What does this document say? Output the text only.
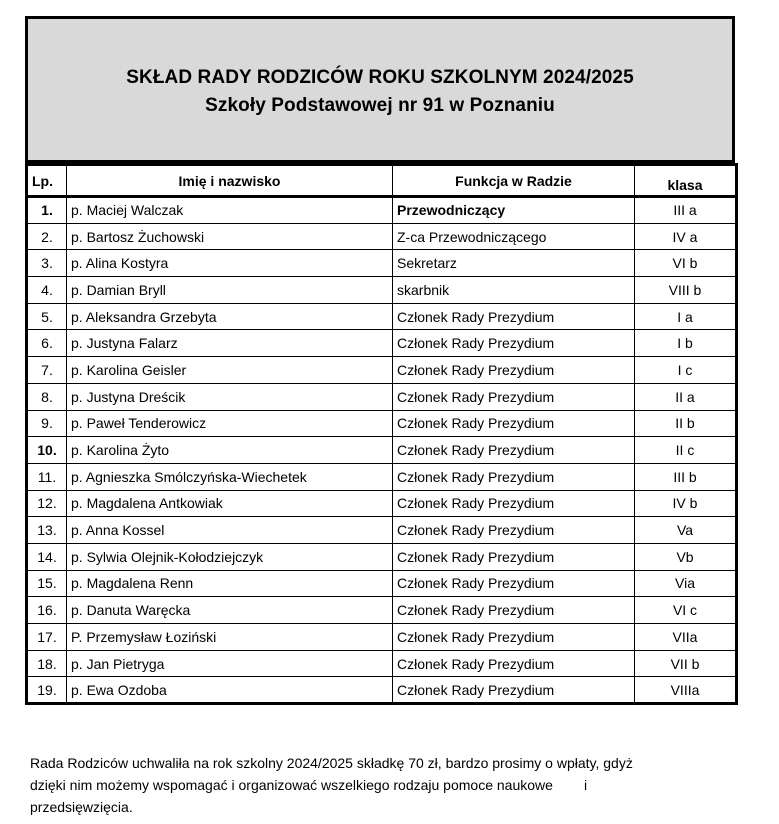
SKŁAD RADY RODZICÓW ROKU SZKOLNYM 2024/2025
Szkoły Podstawowej nr 91 w Poznaniu
Lp.	Imię i nazwisko	Funkcja w Radzie	klasa
1.	p. Maciej Walczak	Przewodniczący	III a
2.	p. Bartosz Żuchowski	Z-ca Przewodniczącego	IV a
3.	p. Alina Kostyra	Sekretarz	VI b
4.	p. Damian Bryll	skarbnik	VIII b
5.	p. Aleksandra Grzebyta	Członek Rady Prezydium	I a
6.	p. Justyna Falarz	Członek Rady Prezydium	I b
7.	p. Karolina Geisler	Członek Rady Prezydium	I c
8.	p. Justyna Dreścik	Członek Rady Prezydium	II a
9.	p. Paweł Tenderowicz	Członek Rady Prezydium	II b
10.	p. Karolina Żyto	Członek Rady Prezydium	II c
11.	p. Agnieszka Smólczyńska-Wiechetek	Członek Rady Prezydium	III b
12.	p. Magdalena Antkowiak	Członek Rady Prezydium	IV b
13.	p. Anna Kossel	Członek Rady Prezydium	Va
14.	p. Sylwia Olejnik-Kołodziejczyk	Członek Rady Prezydium	Vb
15.	p. Magdalena Renn	Członek Rady Prezydium	Via
16.	p. Danuta Waręcka	Członek Rady Prezydium	VI c
17.	P. Przemysław Łoziński	Członek Rady Prezydium	VIIa
18.	p. Jan Pietryga	Członek Rady Prezydium	VII b
19.	p. Ewa Ozdoba	Członek Rady Prezydium	VIIIa
Rada Rodziców uchwaliła na rok szkolny 2024/2025 składkę 70 zł, bardzo prosimy o wpłaty, gdyż
dzięki nim możemy wspomagać i organizować wszelkiego rodzaju pomoce naukowe        i
przedsięwzięcia.
